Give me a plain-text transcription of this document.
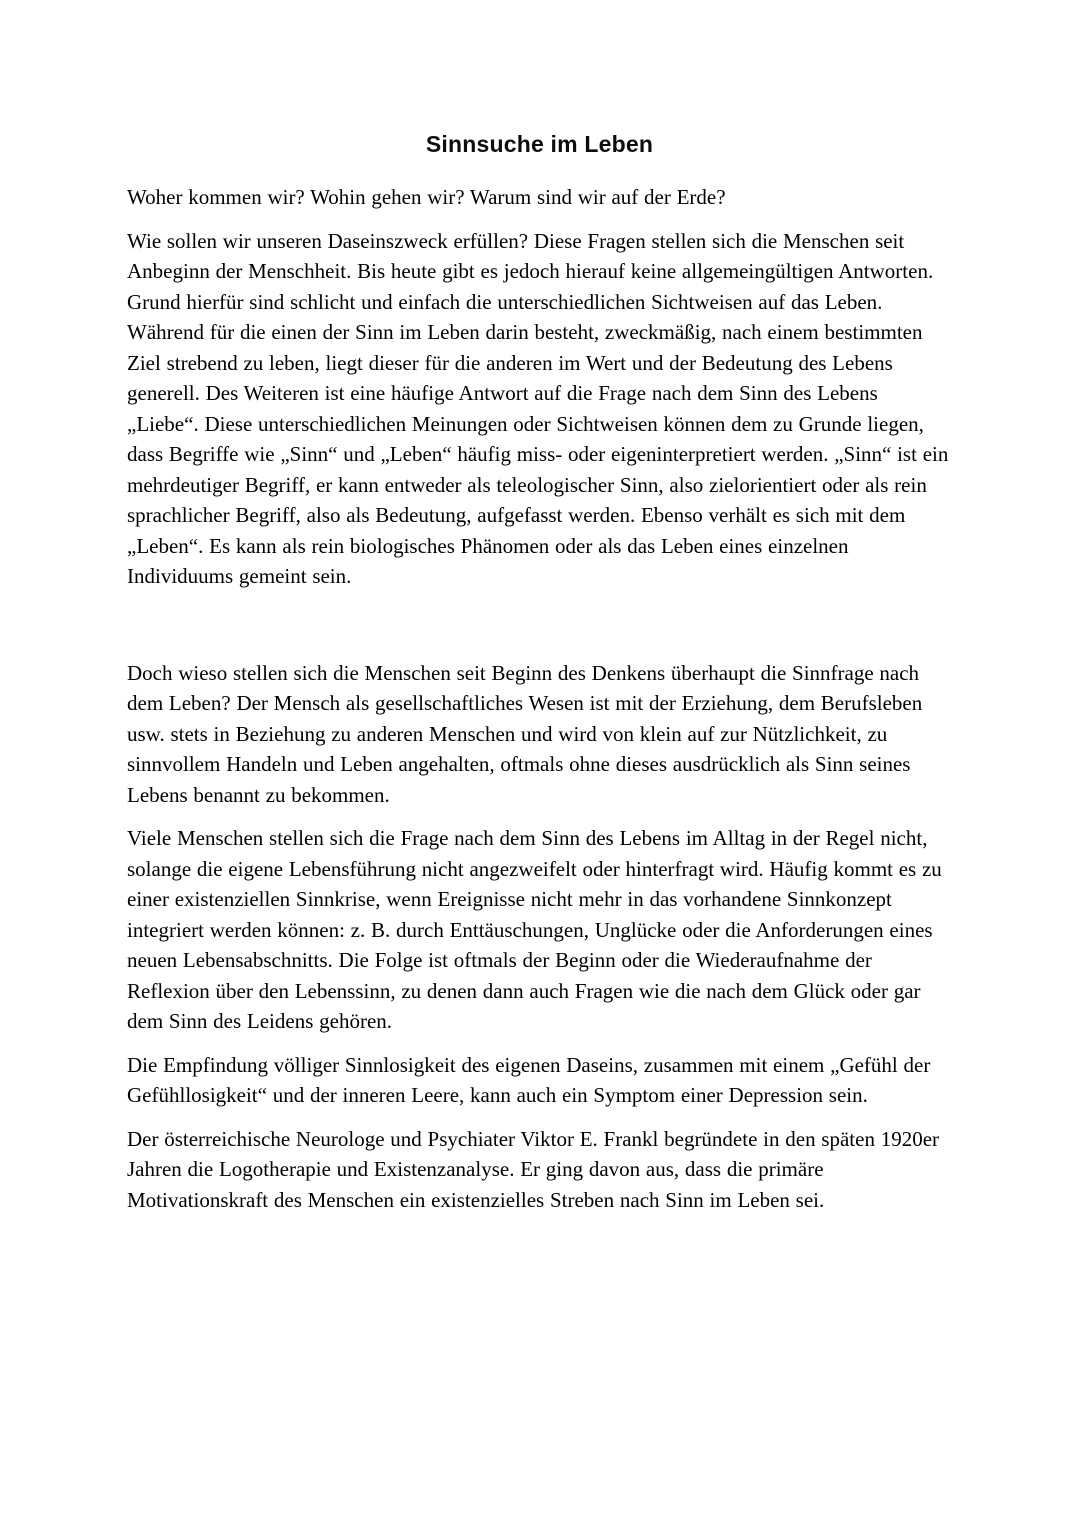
Sinnsuche im Leben

Woher kommen wir? Wohin gehen wir? Warum sind wir auf der Erde?

Wie sollen wir unseren Daseinszweck erfüllen? Diese Fragen stellen sich die Menschen seit Anbeginn der Menschheit. Bis heute gibt es jedoch hierauf keine allgemeingültigen Antworten. Grund hierfür sind schlicht und einfach die unterschiedlichen Sichtweisen auf das Leben. Während für die einen der Sinn im Leben darin besteht, zweckmäßig, nach einem bestimmten Ziel strebend zu leben, liegt dieser für die anderen im Wert und der Bedeutung des Lebens generell. Des Weiteren ist eine häufige Antwort auf die Frage nach dem Sinn des Lebens „Liebe“. Diese unterschiedlichen Meinungen oder Sichtweisen können dem zu Grunde liegen, dass Begriffe wie „Sinn“ und „Leben“ häufig miss- oder eigeninterpretiert werden. „Sinn“ ist ein mehrdeutiger Begriff, er kann entweder als teleologischer Sinn, also zielorientiert oder als rein sprachlicher Begriff, also als Bedeutung, aufgefasst werden. Ebenso verhält es sich mit dem „Leben“. Es kann als rein biologisches Phänomen oder als das Leben eines einzelnen Individuums gemeint sein.

Doch wieso stellen sich die Menschen seit Beginn des Denkens überhaupt die Sinnfrage nach dem Leben? Der Mensch als gesellschaftliches Wesen ist mit der Erziehung, dem Berufsleben usw. stets in Beziehung zu anderen Menschen und wird von klein auf zur Nützlichkeit, zu sinnvollem Handeln und Leben angehalten, oftmals ohne dieses ausdrücklich als Sinn seines Lebens benannt zu bekommen.

Viele Menschen stellen sich die Frage nach dem Sinn des Lebens im Alltag in der Regel nicht, solange die eigene Lebensführung nicht angezweifelt oder hinterfragt wird. Häufig kommt es zu einer existenziellen Sinnkrise, wenn Ereignisse nicht mehr in das vorhandene Sinnkonzept integriert werden können: z. B. durch Enttäuschungen, Unglücke oder die Anforderungen eines neuen Lebensabschnitts. Die Folge ist oftmals der Beginn oder die Wiederaufnahme der Reflexion über den Lebenssinn, zu denen dann auch Fragen wie die nach dem Glück oder gar dem Sinn des Leidens gehören.

Die Empfindung völliger Sinnlosigkeit des eigenen Daseins, zusammen mit einem „Gefühl der Gefühllosigkeit“ und der inneren Leere, kann auch ein Symptom einer Depression sein.

Der österreichische Neurologe und Psychiater Viktor E. Frankl begründete in den späten 1920er Jahren die Logotherapie und Existenzanalyse. Er ging davon aus, dass die primäre Motivationskraft des Menschen ein existenzielles Streben nach Sinn im Leben sei.
